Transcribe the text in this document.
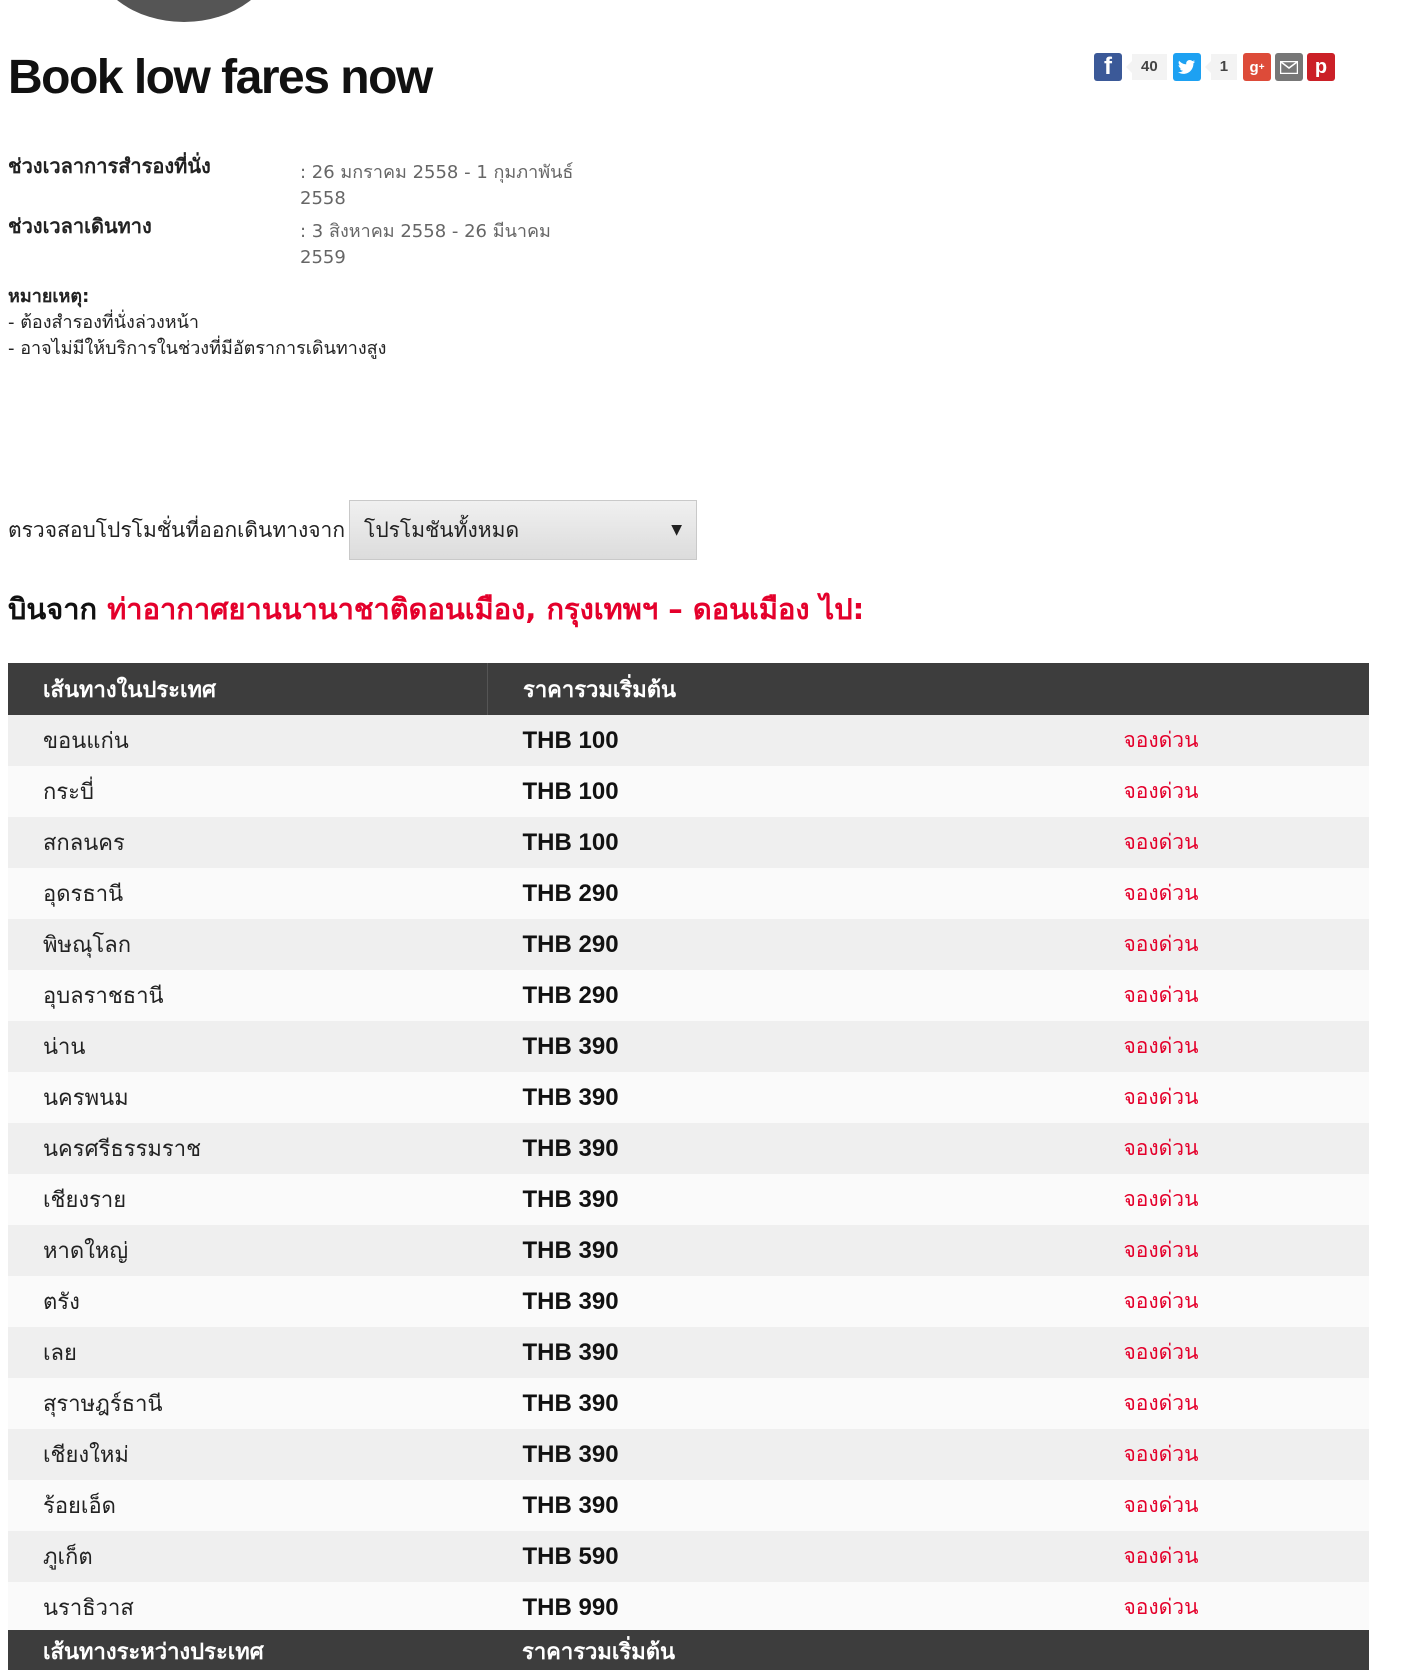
Book low fares now	f	40	1	g +	p
ช่วงเวลาการสำรองที่นั่ง	: 26 มกราคม 2558 - 1 กุมภาพันธ์ 2558
ช่วงเวลาเดินทาง	: 3 สิงหาคม 2558 - 26 มีนาคม 2559
หมายเหตุ:
- ต้องสำรองที่นั่งล่วงหน้า
- อาจไม่มีให้บริการในช่วงที่มีอัตราการเดินทางสูง
ตรวจสอบโปรโมชั่นที่ออกเดินทางจาก โปรโมชันทั้งหมด	▼
บินจาก ท่าอากาศยานนานาชาติดอนเมือง, กรุงเทพฯ – ดอนเมือง ไป:
เส้นทางในประเทศ	ราคารวมเริ่มต้น	
ขอนแก่น	THB 100	จองด่วน
กระบี่	THB 100	จองด่วน
สกลนคร	THB 100	จองด่วน
อุดรธานี	THB 290	จองด่วน
พิษณุโลก	THB 290	จองด่วน
อุบลราชธานี	THB 290	จองด่วน
น่าน	THB 390	จองด่วน
นครพนม	THB 390	จองด่วน
นครศรีธรรมราช	THB 390	จองด่วน
เชียงราย	THB 390	จองด่วน
หาดใหญ่	THB 390	จองด่วน
ตรัง	THB 390	จองด่วน
เลย	THB 390	จองด่วน
สุราษฎร์ธานี	THB 390	จองด่วน
เชียงใหม่	THB 390	จองด่วน
ร้อยเอ็ด	THB 390	จองด่วน
ภูเก็ต	THB 590	จองด่วน
นราธิวาส	THB 990	จองด่วน
เส้นทางระหว่างประเทศ	ราคารวมเริ่มต้น
